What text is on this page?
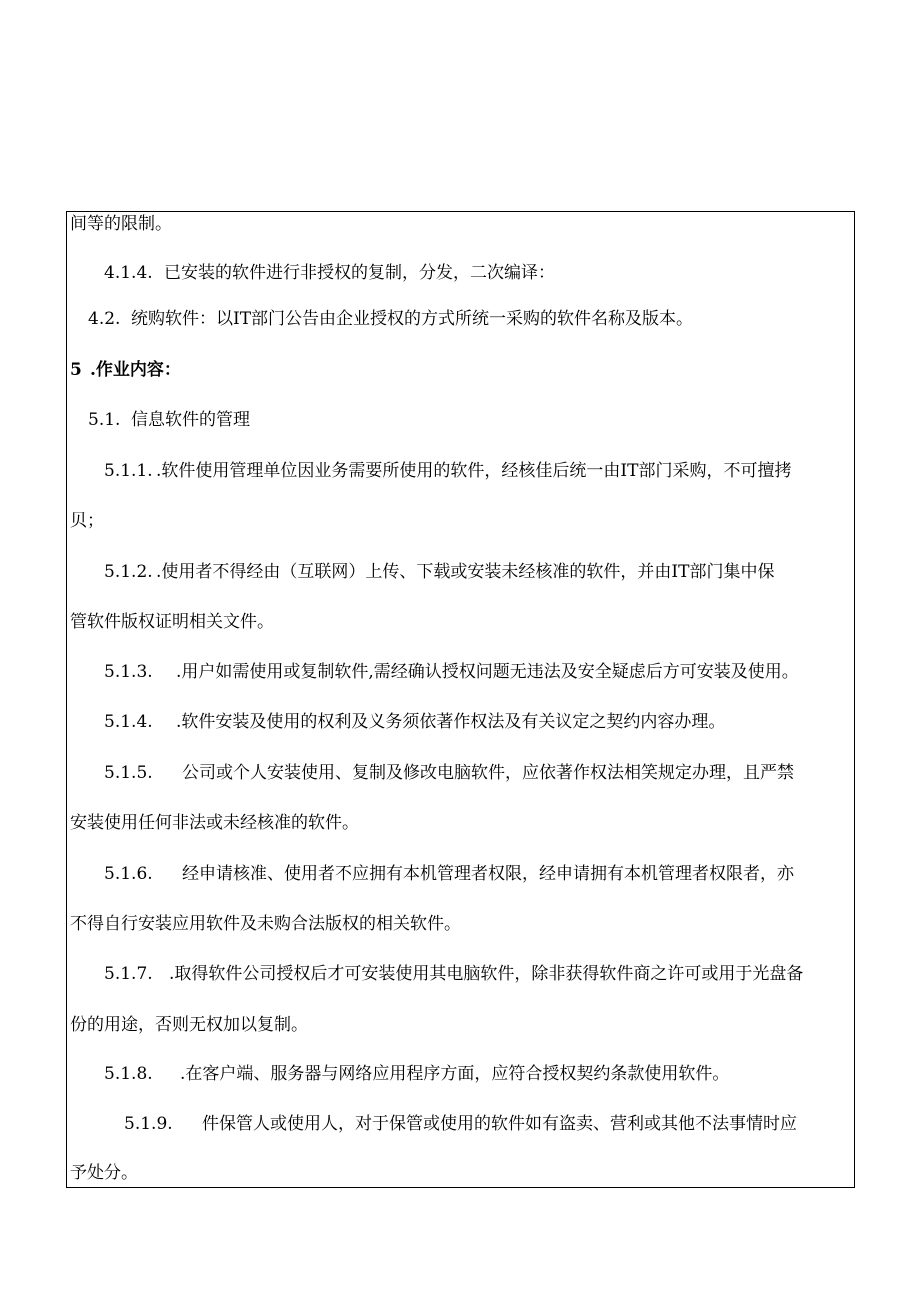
间等的限制。
4.1.4. 已安装的软件进行非授权的复制，分发，二次编译：
4.2. 统购软件：以IT部门公告由企业授权的方式所统一采购的软件名称及版本。
5 .作业内容：
5.1. 信息软件的管理
5.1.1. .软件使用管理单位因业务需要所使用的软件，经核佳后统一由IT部门采购，不可擅拷
贝；
5.1.2. .使用者不得经由（互联网）上传、下载或安装未经核准的软件，并由IT部门集中保
管软件版权证明相关文件。
5.1.3. .用户如需使用或复制软件,需经确认授权问题无违法及安全疑虑后方可安装及使用。
5.1.4. .软件安装及使用的权利及义务须依著作权法及有关议定之契约内容办理。
5.1.5. 公司或个人安装使用、复制及修改电脑软件，应依著作权法相笑规定办理，且严禁
安装使用任何非法或未经核准的软件。
5.1.6. 经申请核准、使用者不应拥有本机管理者权限，经申请拥有本机管理者权限者，亦
不得自行安装应用软件及未购合法版权的相关软件。
5.1.7. .取得软件公司授权后才可安装使用其电脑软件，除非获得软件商之许可或用于光盘备
份的用途，否则无权加以复制。
5.1.8. .在客户端、服务器与网络应用程序方面，应符合授权契约条款使用软件。
5.1.9. 件保管人或使用人，对于保管或使用的软件如有盗卖、营利或其他不法事情时应
予处分。
